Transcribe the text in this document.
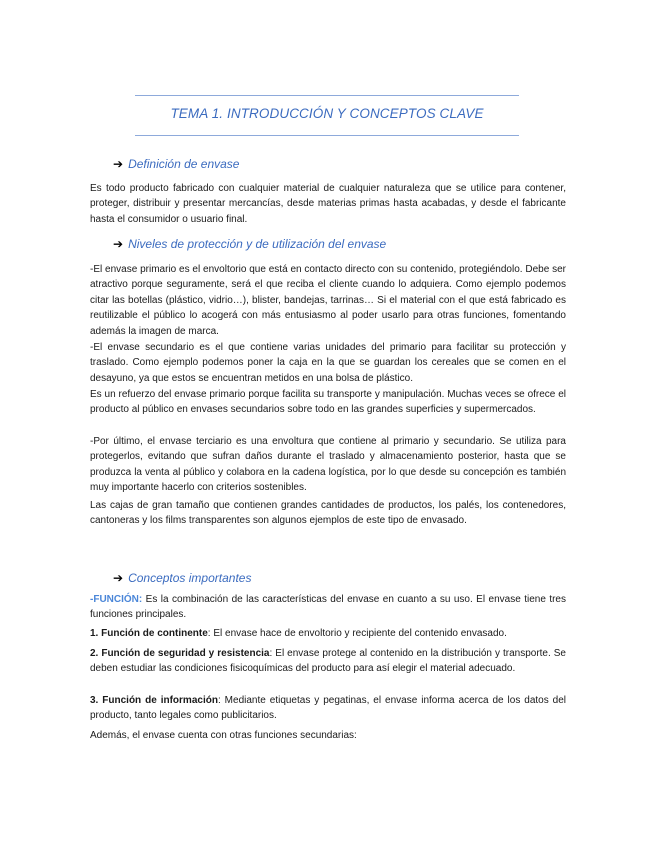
TEMA 1. INTRODUCCIÓN Y CONCEPTOS CLAVE
➔ Definición de envase

Es todo producto fabricado con cualquier material de cualquier naturaleza que se utilice para contener, proteger, distribuir y presentar mercancías, desde materias primas hasta acabadas, y desde el fabricante hasta el consumidor o usuario final.

➔ Niveles de protección y de utilización del envase

-El envase primario es el envoltorio que está en contacto directo con su contenido, protegiéndolo. Debe ser atractivo porque seguramente, será el que reciba el cliente cuando lo adquiera. Como ejemplo podemos citar las botellas (plástico, vidrio…), blister, bandejas, tarrinas… Si el material con el que está fabricado es reutilizable el público lo acogerá con más entusiasmo al poder usarlo para otras funciones, fomentando además la imagen de marca.

-El envase secundario es el que contiene varias unidades del primario para facilitar su protección y traslado. Como ejemplo podemos poner la caja en la que se guardan los cereales que se comen en el desayuno, ya que estos se encuentran metidos en una bolsa de plástico.

Es un refuerzo del envase primario porque facilita su transporte y manipulación. Muchas veces se ofrece el producto al público en envases secundarios sobre todo en las grandes superficies y supermercados.

-Por último, el envase terciario es una envoltura que contiene al primario y secundario. Se utiliza para protegerlos, evitando que sufran daños durante el traslado y almacenamiento posterior, hasta que se produzca la venta al público y colabora en la cadena logística, por lo que desde su concepción es también muy importante hacerlo con criterios sostenibles.

Las cajas de gran tamaño que contienen grandes cantidades de productos, los palés, los contenedores, cantoneras y los films transparentes son algunos ejemplos de este tipo de envasado.

➔ Conceptos importantes

-FUNCIÓN: Es la combinación de las características del envase en cuanto a su uso. El envase tiene tres funciones principales.

1. Función de continente: El envase hace de envoltorio y recipiente del contenido envasado.

2. Función de seguridad y resistencia: El envase protege al contenido en la distribución y transporte. Se deben estudiar las condiciones fisicoquímicas del producto para así elegir el material adecuado.

3. Función de información: Mediante etiquetas y pegatinas, el envase informa acerca de los datos del producto, tanto legales como publicitarios.

Además, el envase cuenta con otras funciones secundarias:
